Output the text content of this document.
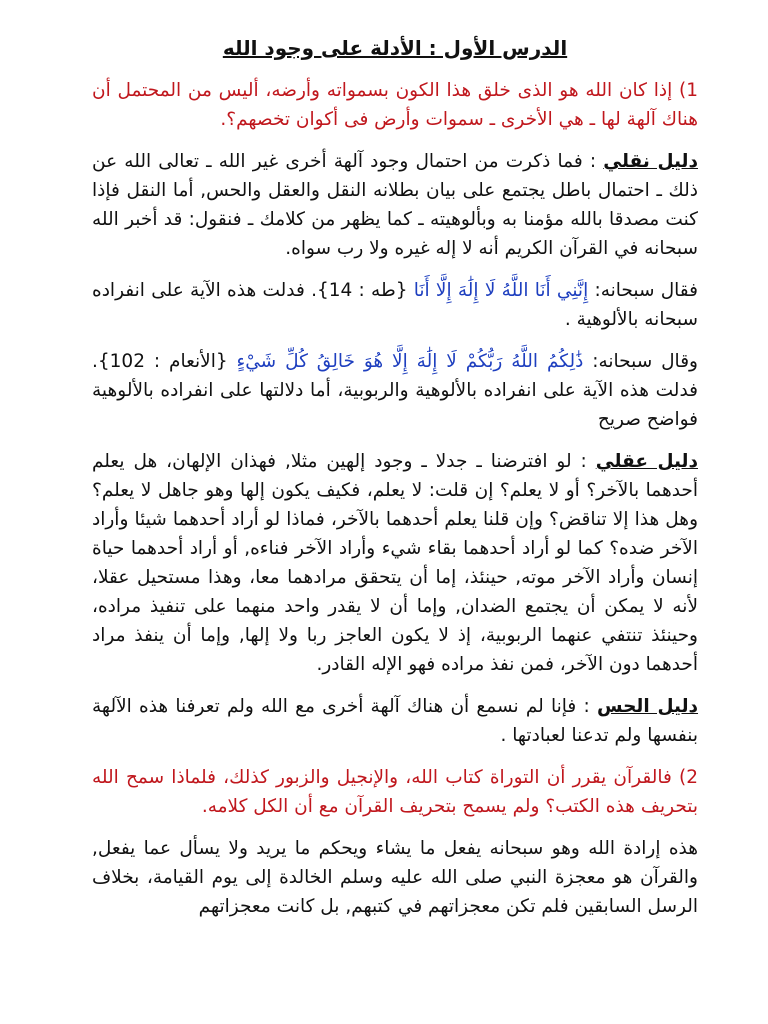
الدرس الأول : الأدلة على وجود الله

1) إذا كان الله هو الذى خلق هذا الكون بسمواته وأرضه، أليس من المحتمل أن هناك آلهة لها ـ هي الأخرى ـ سموات وأرض فى أكوان تخصهم؟.

دليل نقلي : فما ذكرت من احتمال وجود آلهة أخرى غير الله ـ تعالى الله عن ذلك ـ احتمال باطل يجتمع على بيان بطلانه النقل والعقل والحس, أما النقل فإذا كنت مصدقا بالله مؤمنا به وبألوهيته ـ كما يظهر من كلامك ـ فنقول: قد أخبر الله سبحانه في القرآن الكريم أنه لا إله غيره ولا رب سواه.

فقال سبحانه: إِنَّنِي أَنَا اللَّهُ لَا إِلَٰهَ إِلَّا أَنَا {طه : 14}. فدلت هذه الآية على انفراده سبحانه بالألوهية .

وقال سبحانه: ذَٰلِكُمُ اللَّهُ رَبُّكُمْ لَا إِلَٰهَ إِلَّا هُوَ خَالِقُ كُلِّ شَيْءٍ {الأنعام : 102}. فدلت هذه الآية على انفراده بالألوهية والربوبية، أما دلالتها على انفراده بالألوهية فواضح صريح

دليل عقلي : لو افترضنا ـ جدلا ـ وجود إلهين مثلا, فهذان الإلهان، هل يعلم أحدهما بالآخر؟ أو لا يعلم؟ إن قلت: لا يعلم، فكيف يكون إلها وهو جاهل لا يعلم؟ وهل هذا إلا تناقض؟ وإن قلنا يعلم أحدهما بالآخر، فماذا لو أراد أحدهما شيئا وأراد الآخر ضده؟ كما لو أراد أحدهما بقاء شيء وأراد الآخر فناءه, أو أراد أحدهما حياة إنسان وأراد الآخر موته, حينئذ، إما أن يتحقق مرادهما معا، وهذا مستحيل عقلا، لأنه لا يمكن أن يجتمع الضدان, وإما أن لا يقدر واحد منهما على تنفيذ مراده، وحينئذ تنتفي عنهما الربوبية، إذ لا يكون العاجز ربا ولا إلها, وإما أن ينفذ مراد أحدهما دون الآخر، فمن نفذ مراده فهو الإله القادر.

دليل الحس : فإنا لم نسمع أن هناك آلهة أخرى مع الله ولم تعرفنا هذه الآلهة بنفسها ولم تدعنا لعبادتها .

2) فالقرآن يقرر أن التوراة كتاب الله، والإنجيل والزبور كذلك، فلماذا سمح الله بتحريف هذه الكتب؟ ولم يسمح بتحريف القرآن مع أن الكل كلامه.

هذه إرادة الله وهو سبحانه يفعل ما يشاء ويحكم ما يريد ولا يسأل عما يفعل, والقرآن هو معجزة النبي صلى الله عليه وسلم الخالدة إلى يوم القيامة، بخلاف الرسل السابقين فلم تكن معجزاتهم في كتبهم, بل كانت معجزاتهم
